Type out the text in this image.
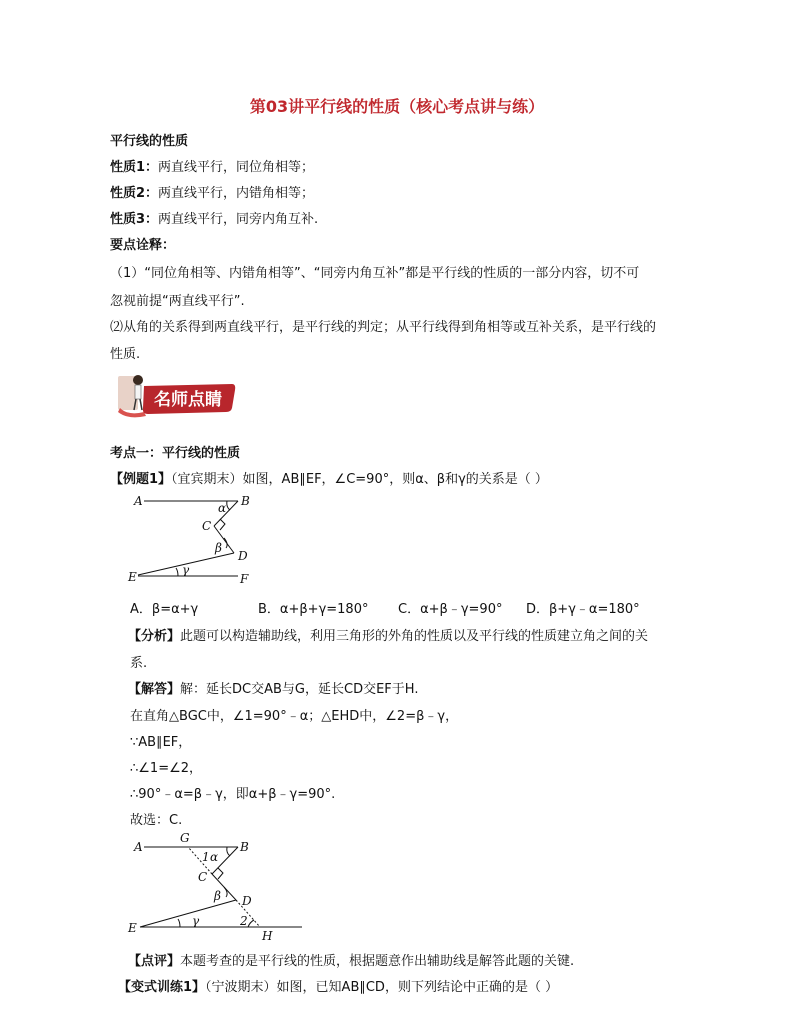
第03讲平行线的性质（核心考点讲与练）
平行线的性质
性质1：两直线平行，同位角相等；
性质2：两直线平行，内错角相等；
性质3：两直线平行，同旁内角互补.
要点诠释：
（1）“同位角相等、内错角相等”、“同旁内角互补”都是平行线的性质的一部分内容，切不可
忽视前提“两直线平行”.
⑵从角的关系得到两直线平行，是平行线的判定；从平行线得到角相等或互补关系，是平行线的
性质.
名师点睛
考点一：平行线的性质
【例题1】（宜宾期末）如图，AB∥EF，∠C=90°，则α、β和γ的关系是（ ）
A	B
C
D
E	F
α
β
γ
A．β=α+γ	B．α+β+γ=180° C．α+β﹣γ=90° D．β+γ﹣α=180°
【分析】此题可以构造辅助线，利用三角形的外角的性质以及平行线的性质建立角之间的关
系.
【解答】解：延长DC交AB与G，延长CD交EF于H.
在直角△BGC中，∠1=90°﹣α；△EHD中，∠2=β﹣γ，
∵AB∥EF，
∴∠1=∠2，
∴90°﹣α=β﹣γ，即α+β﹣γ=90°.
故选：C.
A	B
C
D
E
G
H
1 α
β
γ	2
【点评】本题考查的是平行线的性质，根据题意作出辅助线是解答此题的关键.
【变式训练1】（宁波期末）如图，已知AB∥CD，则下列结论中正确的是（ ）
